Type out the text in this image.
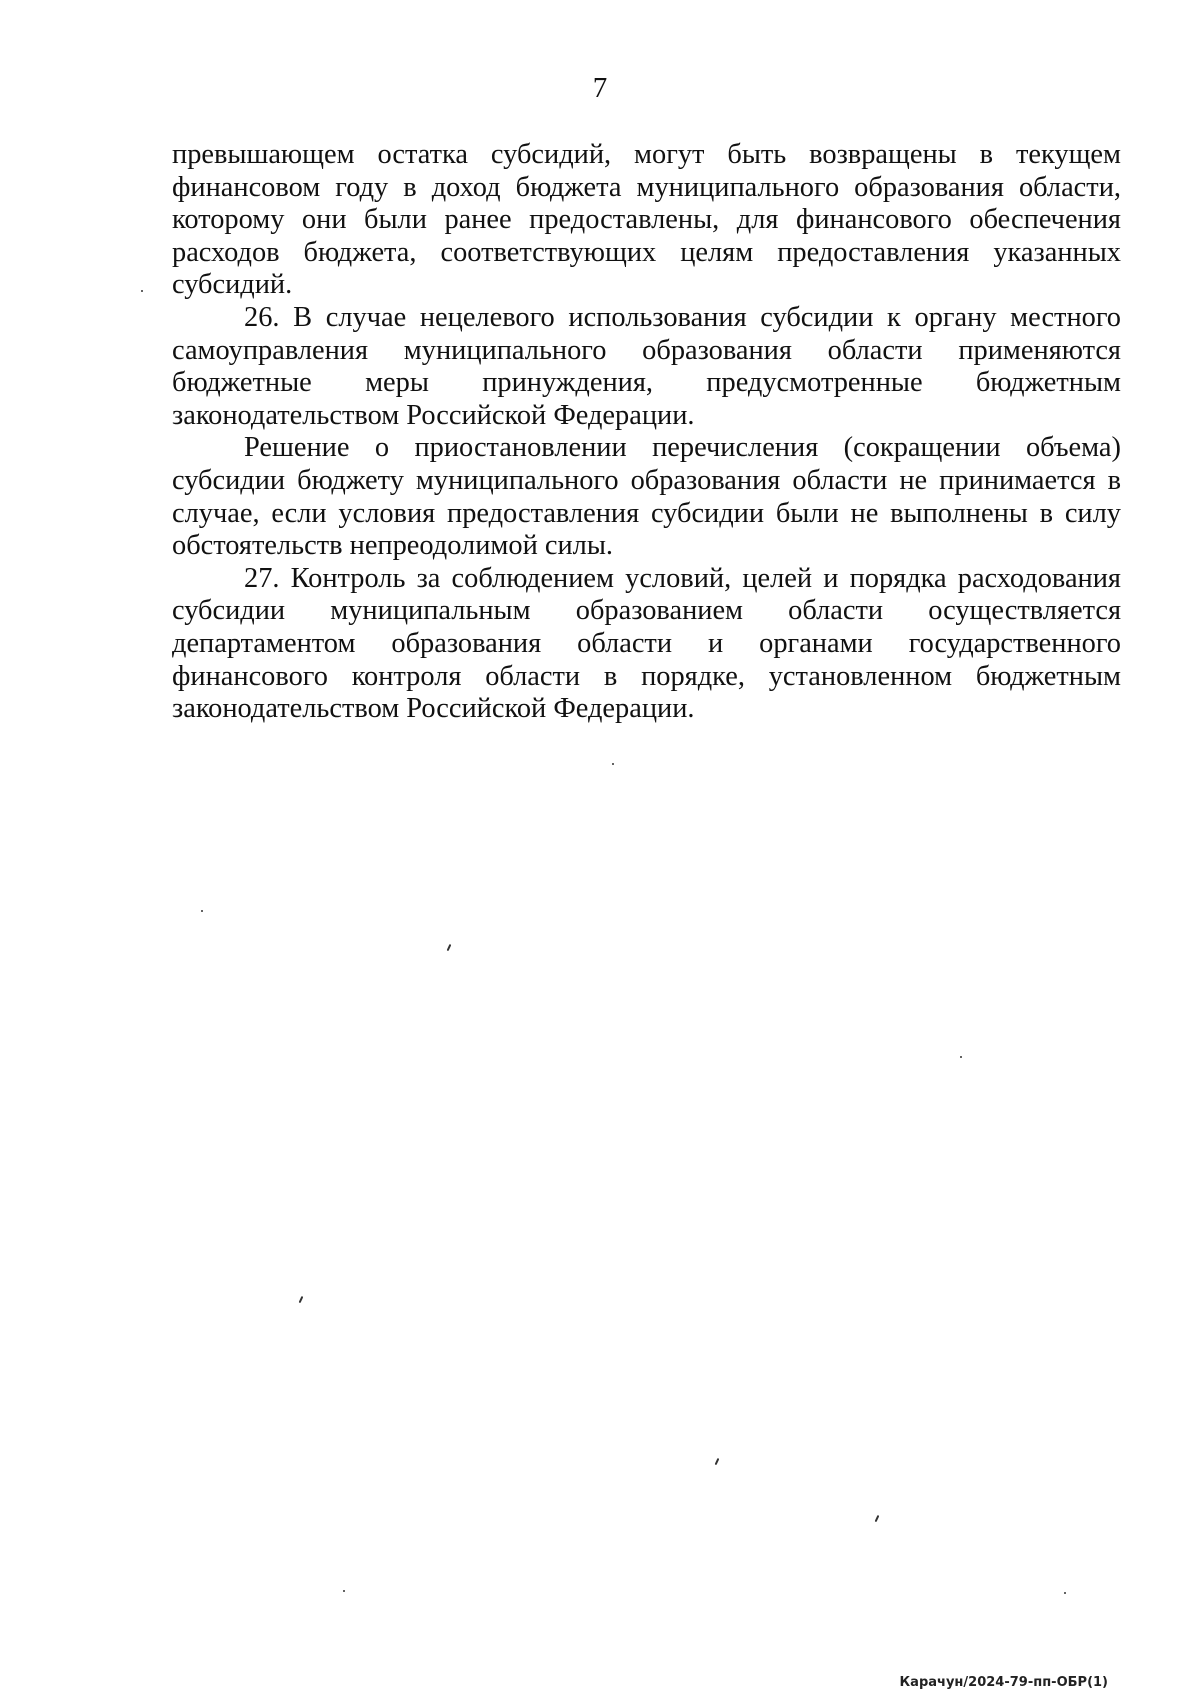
7

превышающем остатка субсидий, могут быть возвращены в текущем финансовом году в доход бюджета муниципального образования области, которому они были ранее предоставлены, для финансового обеспечения расходов бюджета, соответствующих целям предоставления указанных субсидий.

26. В случае нецелевого использования субсидии к органу местного самоуправления муниципального образования области применяются бюджетные меры принуждения, предусмотренные бюджетным законодательством Российской Федерации.

Решение о приостановлении перечисления (сокращении объема) субсидии бюджету муниципального образования области не принимается в случае, если условия предоставления субсидии были не выполнены в силу обстоятельств непреодолимой силы.

27. Контроль за соблюдением условий, целей и порядка расходования субсидии муниципальным образованием области осуществляется департаментом образования области и органами государственного финансового контроля области в порядке, установленном бюджетным законодательством Российской Федерации.

Карачун/2024-79-пп-ОБР(1)
